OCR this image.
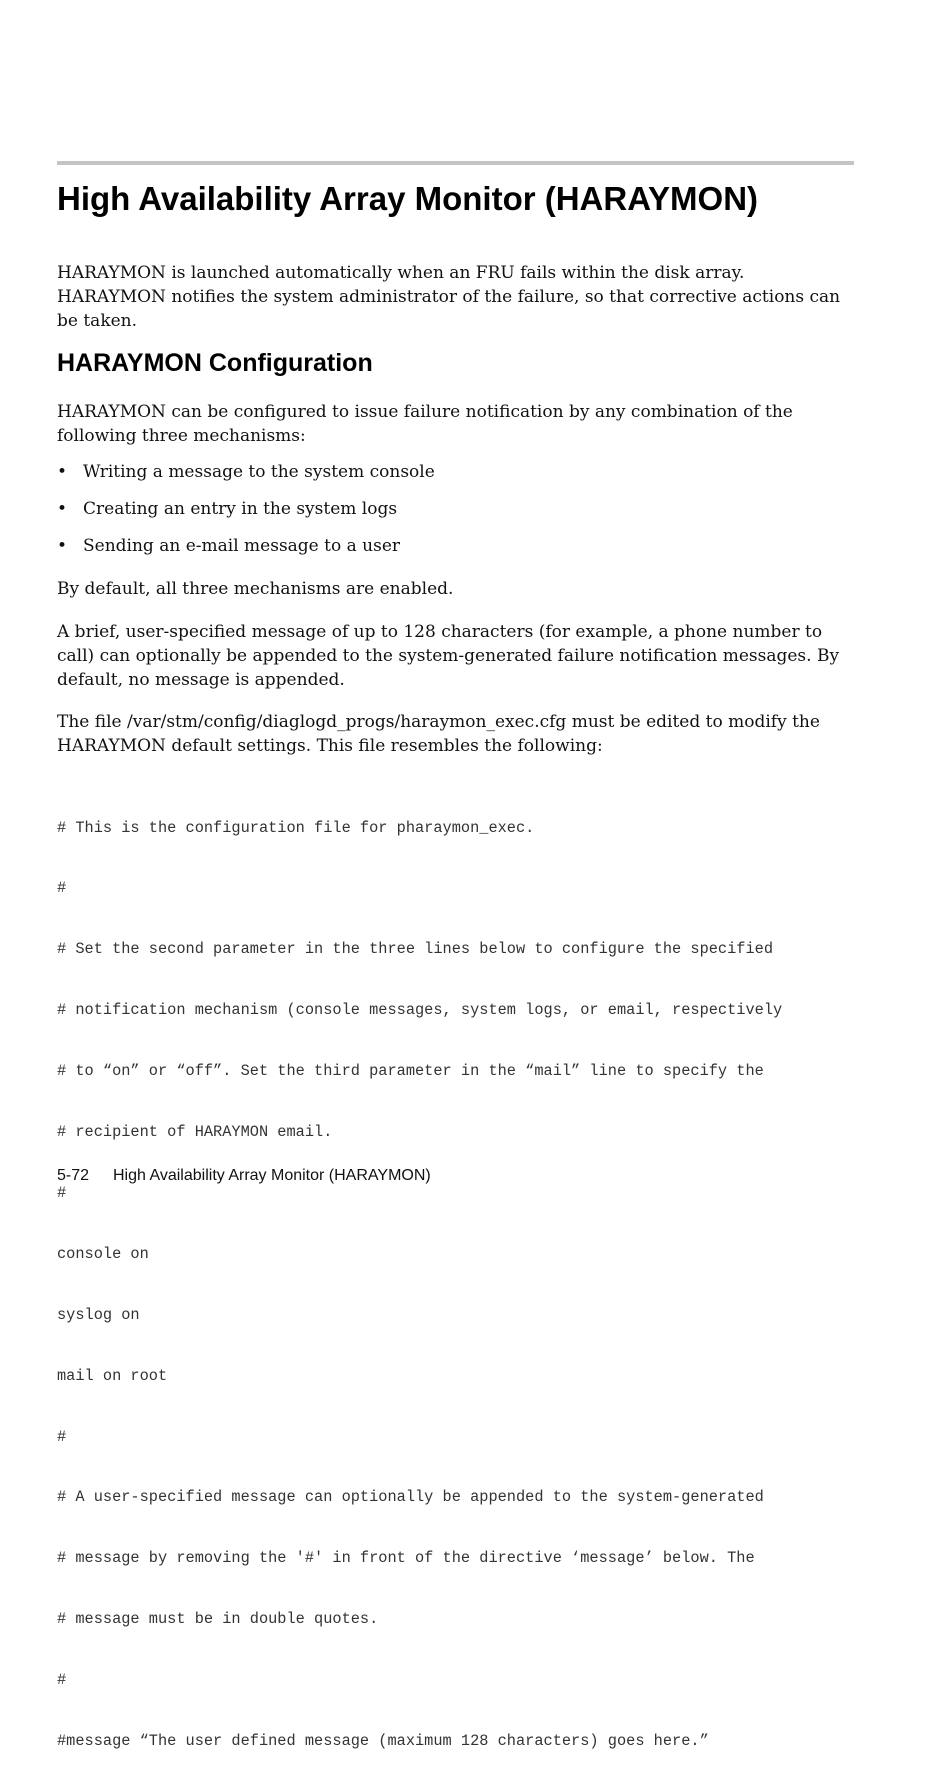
High Availability Array Monitor (HARAYMON)

HARAYMON is launched automatically when an FRU fails within the disk array. HARAYMON notifies the system administrator of the failure, so that corrective actions can be taken.

HARAYMON Configuration

HARAYMON can be configured to issue failure notification by any combination of the following three mechanisms:

• Writing a message to the system console
• Creating an entry in the system logs
• Sending an e-mail message to a user

By default, all three mechanisms are enabled.

A brief, user-specified message of up to 128 characters (for example, a phone number to call) can optionally be appended to the system-generated failure notification messages. By default, no message is appended.

The file /var/stm/config/diaglogd_progs/haraymon_exec.cfg must be edited to modify the HARAYMON default settings. This file resembles the following:

# This is the configuration file for pharaymon_exec.

#

# Set the second parameter in the three lines below to configure the specified

# notification mechanism (console messages, system logs, or email, respectively

# to “on” or “off”. Set the third parameter in the “mail” line to specify the

# recipient of HARAYMON email.

#

console on

syslog on

mail on root

#

# A user-specified message can optionally be appended to the system-generated

# message by removing the '#' in front of the directive ‘message’ below. The

# message must be in double quotes.

#

#message “The user defined message (maximum 128 characters) goes here.”

5-72 High Availability Array Monitor (HARAYMON)
